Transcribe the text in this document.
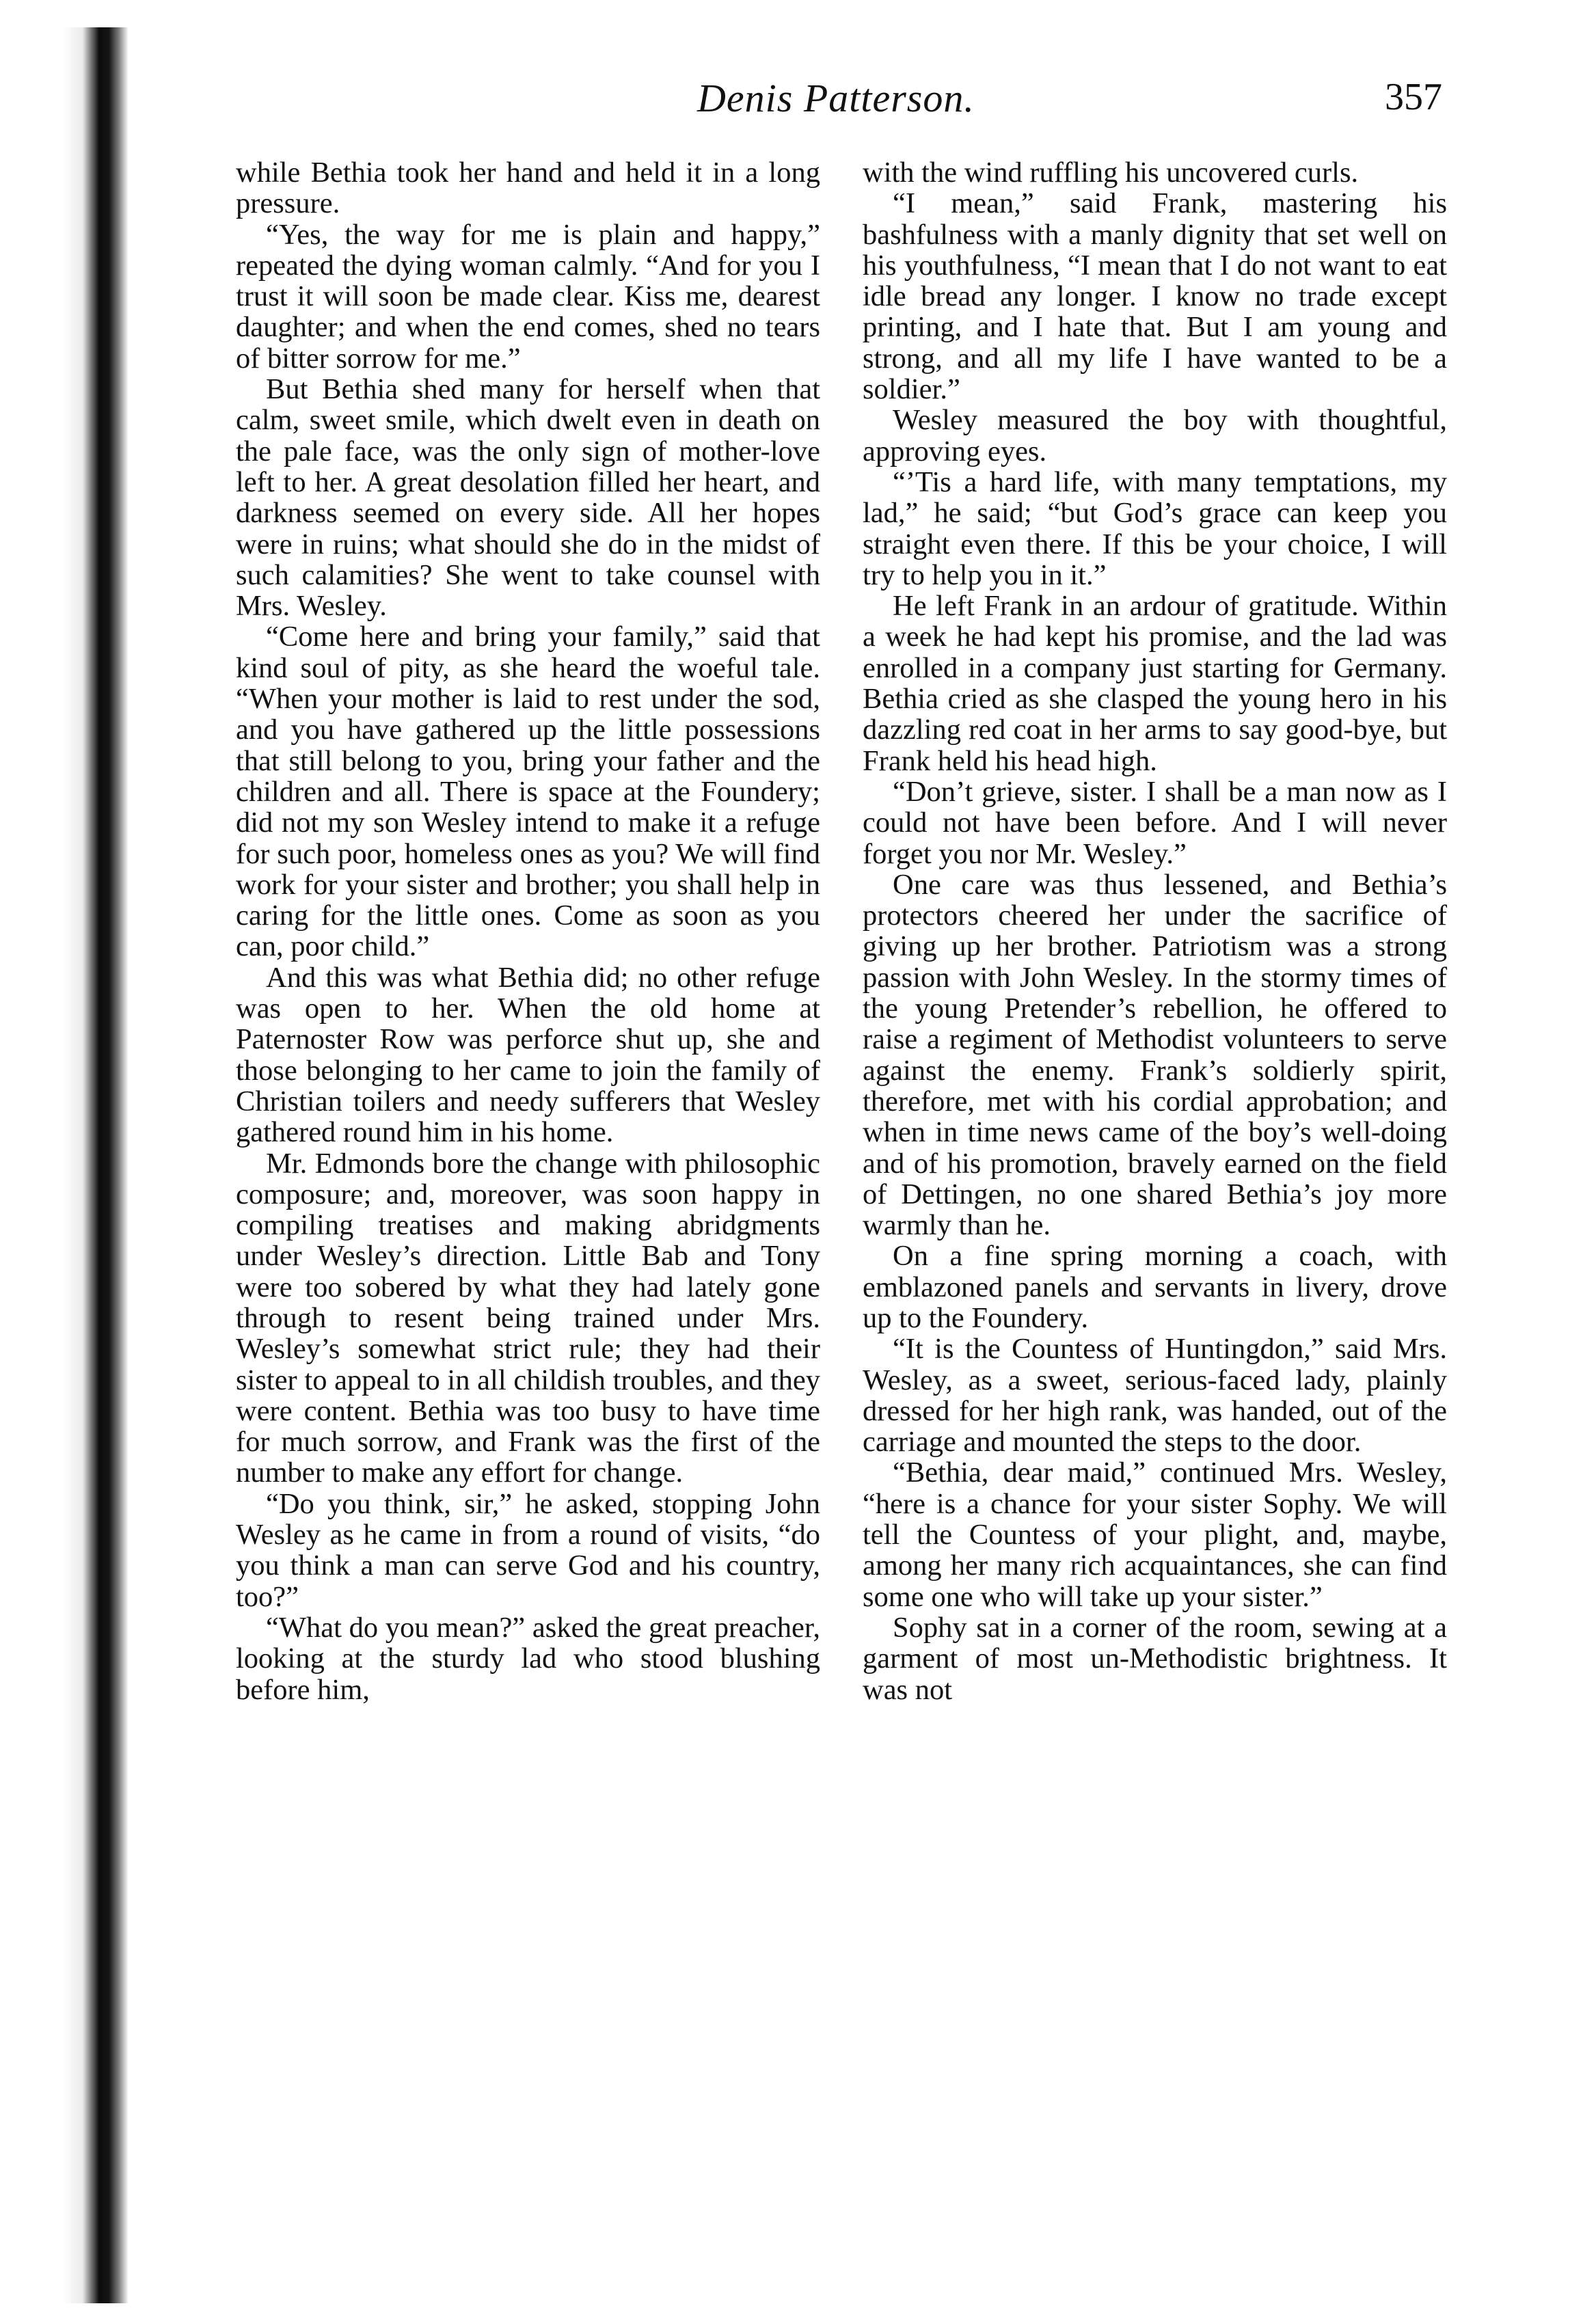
Denis Patterson.	357

while Bethia took her hand and held it in a long pressure.

“Yes, the way for me is plain and happy,” repeated the dying woman calmly. “And for you I trust it will soon be made clear. Kiss me, dearest daughter; and when the end comes, shed no tears of bitter sorrow for me.”

But Bethia shed many for herself when that calm, sweet smile, which dwelt even in death on the pale face, was the only sign of mother-love left to her. A great desolation filled her heart, and darkness seemed on every side. All her hopes were in ruins; what should she do in the midst of such calamities? She went to take counsel with Mrs. Wesley.

“Come here and bring your family,” said that kind soul of pity, as she heard the woeful tale. “When your mother is laid to rest under the sod, and you have gathered up the little possessions that still belong to you, bring your father and the children and all. There is space at the Foundery; did not my son Wesley intend to make it a refuge for such poor, homeless ones as you? We will find work for your sister and brother; you shall help in caring for the little ones. Come as soon as you can, poor child.”

And this was what Bethia did; no other refuge was open to her. When the old home at Paternoster Row was perforce shut up, she and those belonging to her came to join the family of Christian toilers and needy sufferers that Wesley gathered round him in his home.

Mr. Edmonds bore the change with philosophic composure; and, moreover, was soon happy in compiling treatises and making abridgments under Wesley’s direction. Little Bab and Tony were too sobered by what they had lately gone through to resent being trained under Mrs. Wesley’s somewhat strict rule; they had their sister to appeal to in all childish troubles, and they were content. Bethia was too busy to have time for much sorrow, and Frank was the first of the number to make any effort for change.

“Do you think, sir,” he asked, stopping John Wesley as he came in from a round of visits, “do you think a man can serve God and his country, too?”

“What do you mean?” asked the great preacher, looking at the sturdy lad who stood blushing before him,

with the wind ruffling his uncovered curls.

“I mean,” said Frank, mastering his bashfulness with a manly dignity that set well on his youthfulness, “I mean that I do not want to eat idle bread any longer. I know no trade except printing, and I hate that. But I am young and strong, and all my life I have wanted to be a soldier.”

Wesley measured the boy with thoughtful, approving eyes.

“’Tis a hard life, with many temptations, my lad,” he said; “but God’s grace can keep you straight even there. If this be your choice, I will try to help you in it.”

He left Frank in an ardour of gratitude. Within a week he had kept his promise, and the lad was enrolled in a company just starting for Germany. Bethia cried as she clasped the young hero in his dazzling red coat in her arms to say good-bye, but Frank held his head high.

“Don’t grieve, sister. I shall be a man now as I could not have been before. And I will never forget you nor Mr. Wesley.”

One care was thus lessened, and Bethia’s protectors cheered her under the sacrifice of giving up her brother. Patriotism was a strong passion with John Wesley. In the stormy times of the young Pretender’s rebellion, he offered to raise a regiment of Methodist volunteers to serve against the enemy. Frank’s soldierly spirit, therefore, met with his cordial approbation; and when in time news came of the boy’s well-doing and of his promotion, bravely earned on the field of Dettingen, no one shared Bethia’s joy more warmly than he.

On a fine spring morning a coach, with emblazoned panels and servants in livery, drove up to the Foundery.

“It is the Countess of Huntingdon,” said Mrs. Wesley, as a sweet, serious-faced lady, plainly dressed for her high rank, was handed, out of the carriage and mounted the steps to the door.

“Bethia, dear maid,” continued Mrs. Wesley, “here is a chance for your sister Sophy. We will tell the Countess of your plight, and, maybe, among her many rich acquaintances, she can find some one who will take up your sister.”

Sophy sat in a corner of the room, sewing at a garment of most un-Methodistic brightness. It was not
